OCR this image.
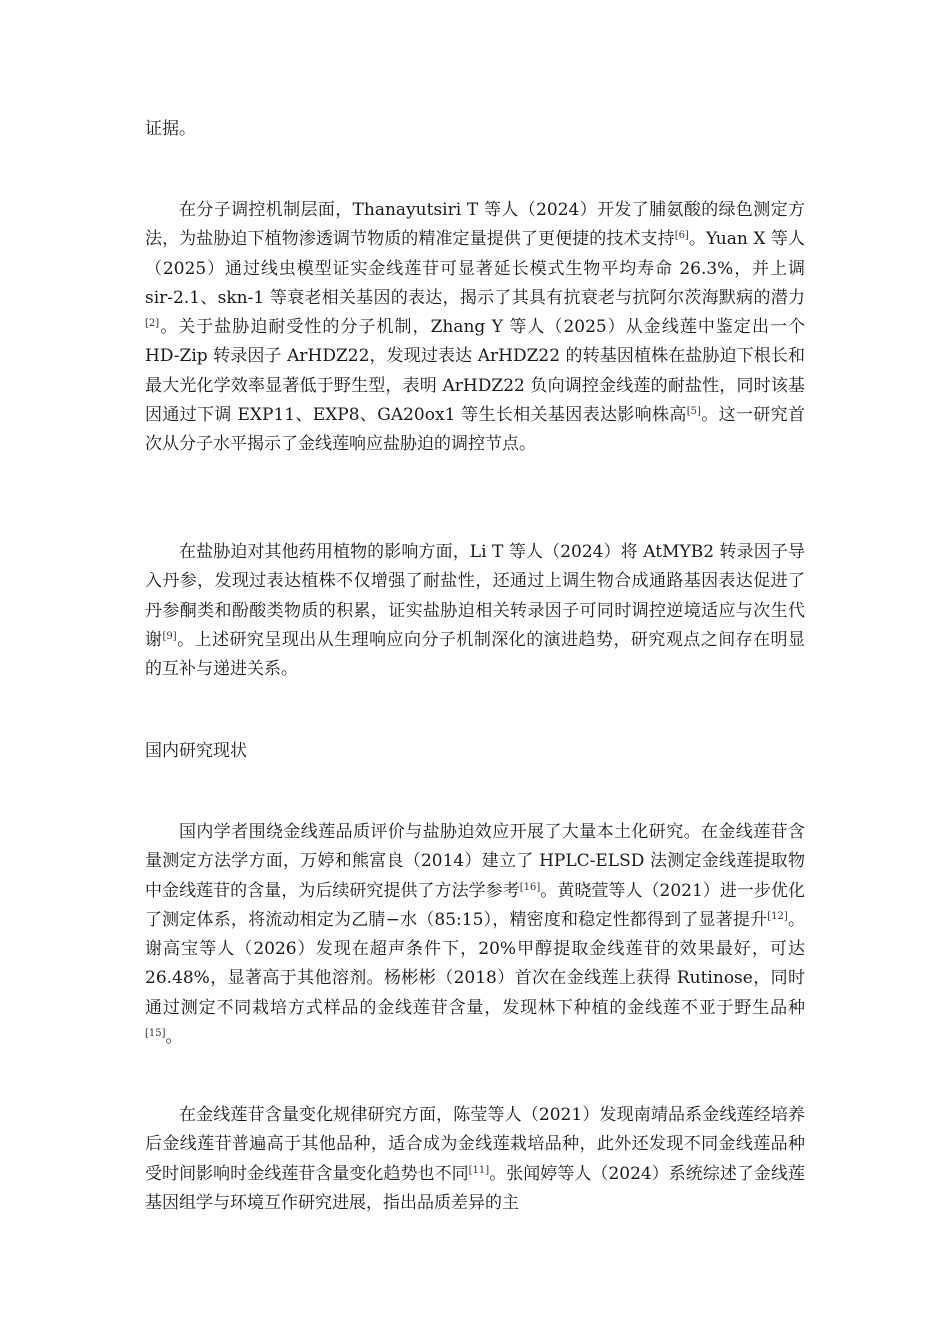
证据。

在分子调控机制层面，Thanayutsiri T 等人（2024）开发了脯氨酸的绿色测定方法，为盐胁迫下植物渗透调节物质的精准定量提供了更便捷的技术支持[6]。Yuan X 等人（2025）通过线虫模型证实金线莲苷可显著延长模式生物平均寿命 26.3%，并上调 sir-2.1、skn-1 等衰老相关基因的表达，揭示了其具有抗衰老与抗阿尔茨海默病的潜力[2]。关于盐胁迫耐受性的分子机制，Zhang Y 等人（2025）从金线莲中鉴定出一个 HD-Zip 转录因子 ArHDZ22，发现过表达 ArHDZ22 的转基因植株在盐胁迫下根长和最大光化学效率显著低于野生型，表明 ArHDZ22 负向调控金线莲的耐盐性，同时该基因通过下调 EXP11、EXP8、GA20ox1 等生长相关基因表达影响株高[5]。这一研究首次从分子水平揭示了金线莲响应盐胁迫的调控节点。

在盐胁迫对其他药用植物的影响方面，Li T 等人（2024）将 AtMYB2 转录因子导入丹参，发现过表达植株不仅增强了耐盐性，还通过上调生物合成通路基因表达促进了丹参酮类和酚酸类物质的积累，证实盐胁迫相关转录因子可同时调控逆境适应与次生代谢[9]。上述研究呈现出从生理响应向分子机制深化的演进趋势，研究观点之间存在明显的互补与递进关系。

国内研究现状

国内学者围绕金线莲品质评价与盐胁迫效应开展了大量本土化研究。在金线莲苷含量测定方法学方面，万婷和熊富良（2014）建立了 HPLC-ELSD 法测定金线莲提取物中金线莲苷的含量，为后续研究提供了方法学参考[16]。黄晓萱等人（2021）进一步优化了测定体系，将流动相定为乙腈−水（85:15），精密度和稳定性都得到了显著提升[12]。谢高宝等人（2026）发现在超声条件下，20%甲醇提取金线莲苷的效果最好，可达 26.48%，显著高于其他溶剂。杨彬彬（2018）首次在金线莲上获得 Rutinose，同时通过测定不同栽培方式样品的金线莲苷含量，发现林下种植的金线莲不亚于野生品种[15]。

在金线莲苷含量变化规律研究方面，陈莹等人（2021）发现南靖品系金线莲经培养后金线莲苷普遍高于其他品种，适合成为金线莲栽培品种，此外还发现不同金线莲品种受时间影响时金线莲苷含量变化趋势也不同[11]。张闻婷等人（2024）系统综述了金线莲基因组学与环境互作研究进展，指出品质差异的主
